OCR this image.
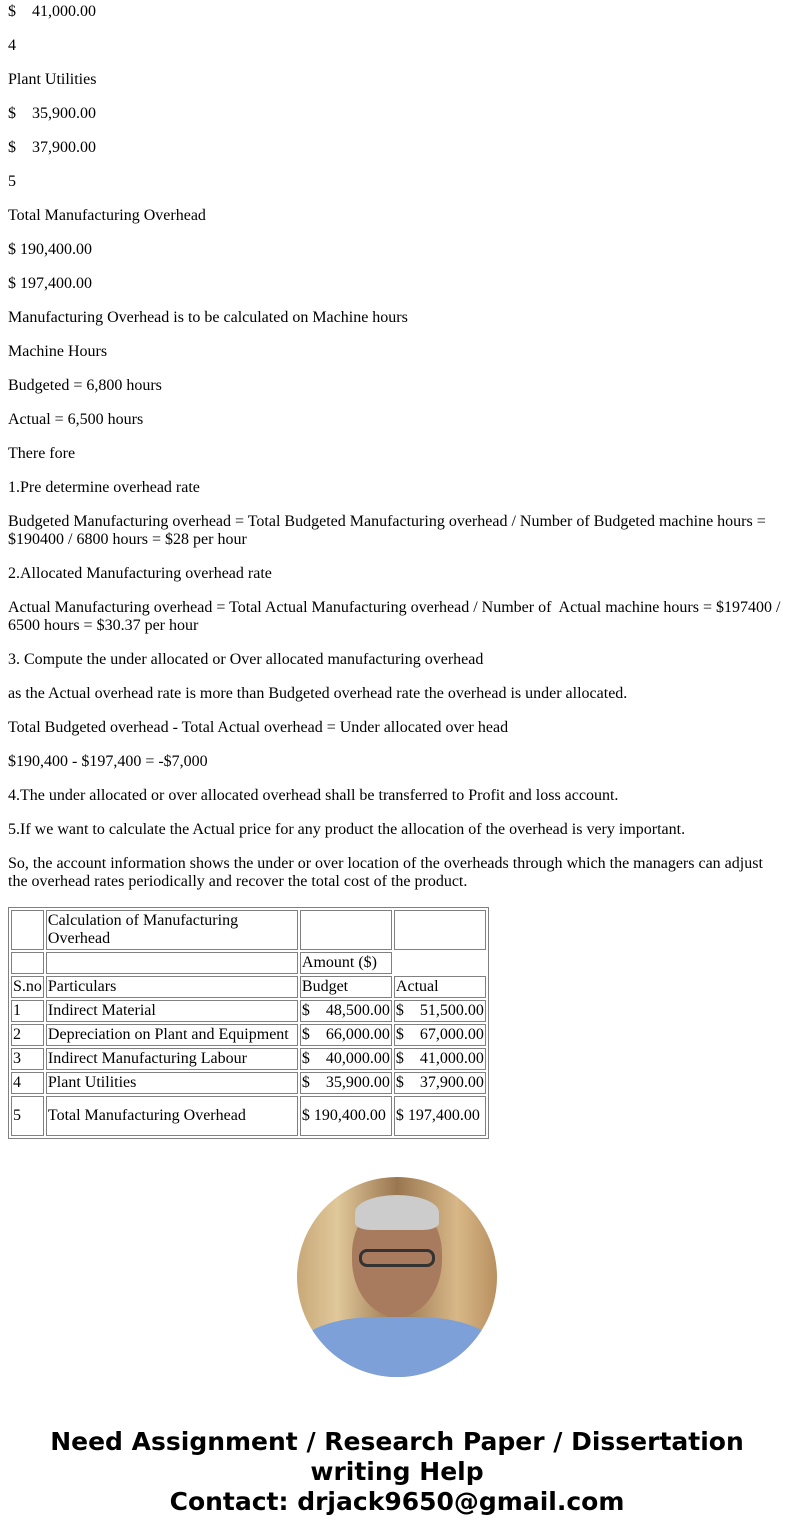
$    41,000.00

4

Plant Utilities

$    35,900.00

$    37,900.00

5

Total Manufacturing Overhead

$ 190,400.00

$ 197,400.00

Manufacturing Overhead is to be calculated on Machine hours

Machine Hours

Budgeted = 6,800 hours

Actual = 6,500 hours

There fore

1.Pre determine overhead rate

Budgeted Manufacturing overhead = Total Budgeted Manufacturing overhead / Number of Budgeted machine hours = $190400 / 6800 hours = $28 per hour

2.Allocated Manufacturing overhead rate

Actual Manufacturing overhead = Total Actual Manufacturing overhead / Number of  Actual machine hours = $197400 / 6500 hours = $30.37 per hour

3. Compute the under allocated or Over allocated manufacturing overhead

as the Actual overhead rate is more than Budgeted overhead rate the overhead is under allocated.

Total Budgeted overhead - Total Actual overhead = Under allocated over head

$190,400 - $197,400 = -$7,000

4.The under allocated or over allocated overhead shall be transferred to Profit and loss account.

5.If we want to calculate the Actual price for any product the allocation of the overhead is very important.

So, the account information shows the under or over location of the overheads through which the managers can adjust the overhead rates periodically and recover the total cost of the product.

	Calculation of Manufacturing Overhead		
		Amount ($)	
S.no	Particulars	Budget	Actual
1	Indirect Material	$    48,500.00	$    51,500.00
2	Depreciation on Plant and Equipment	$    66,000.00	$    67,000.00
3	Indirect Manufacturing Labour	$    40,000.00	$    41,000.00
4	Plant Utilities	$    35,900.00	$    37,900.00
5	Total Manufacturing Overhead	$ 190,400.00	$ 197,400.00
Need Assignment / Research Paper / Dissertation writing Help
Contact: drjack9650@gmail.com
